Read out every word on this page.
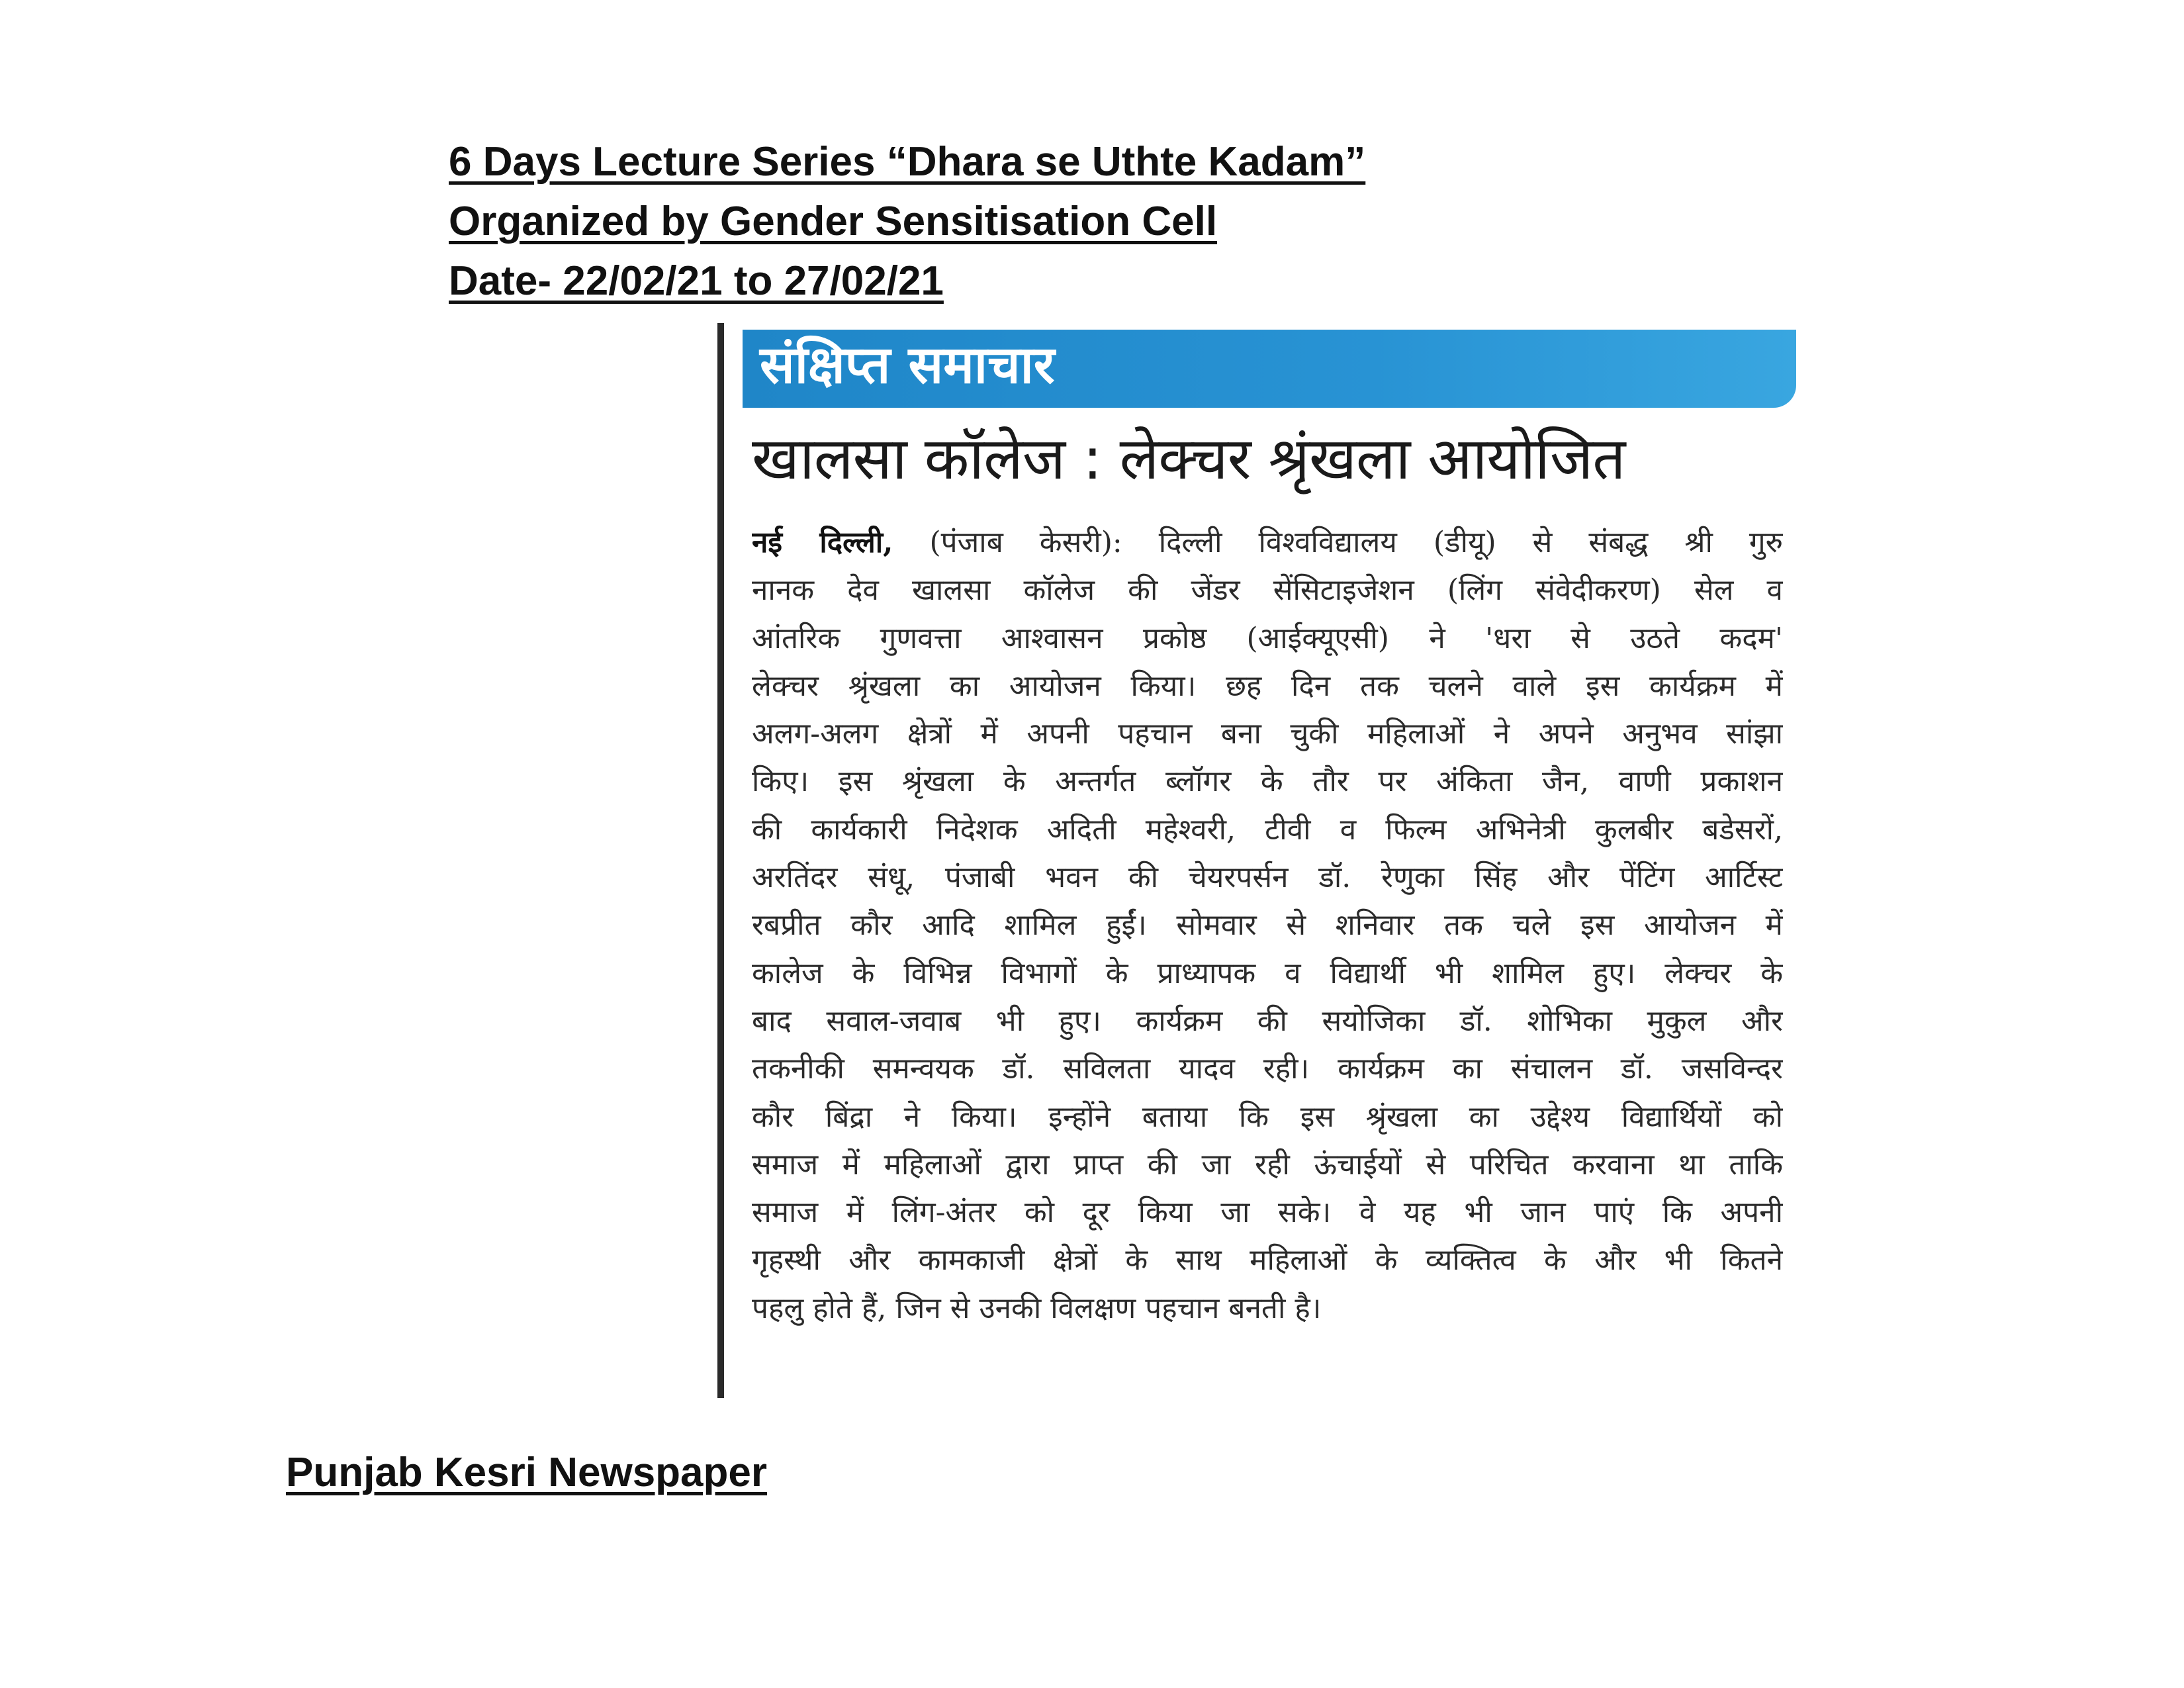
6 Days Lecture Series “Dhara se Uthte Kadam”
Organized by Gender Sensitisation Cell
Date- 22/02/21 to 27/02/21
संक्षिप्त समाचार
खालसा कॉलेज : लेक्चर श्रृंखला आयोजित
नई दिल्ली, (पंजाब केसरी): दिल्ली विश्वविद्यालय (डीयू) से संबद्ध श्री गुरु
नानक देव खालसा कॉलेज की जेंडर सेंसिटाइजेशन (लिंग संवेदीकरण) सेल व
आंतरिक गुणवत्ता आश्वासन प्रकोष्ठ (आईक्यूएसी) ने 'धरा से उठते कदम'
लेक्चर श्रृंखला का आयोजन किया। छह दिन तक चलने वाले इस कार्यक्रम में
अलग-अलग क्षेत्रों में अपनी पहचान बना चुकी महिलाओं ने अपने अनुभव सांझा
किए। इस श्रृंखला के अन्तर्गत ब्लॉगर के तौर पर अंकिता जैन, वाणी प्रकाशन
की कार्यकारी निदेशक अदिती महेश्वरी, टीवी व फिल्म अभिनेत्री कुलबीर बडेसरों,
अरतिंदर संधू, पंजाबी भवन की चेयरपर्सन डॉ. रेणुका सिंह और पेंटिंग आर्टिस्ट
रबप्रीत कौर आदि शामिल हुईं। सोमवार से शनिवार तक चले इस आयोजन में
कालेज के विभिन्न विभागों के प्राध्यापक व विद्यार्थी भी शामिल हुए। लेक्चर के
बाद सवाल-जवाब भी हुए। कार्यक्रम की सयोजिका डॉ. शोभिका मुकुल और
तकनीकी समन्वयक डॉ. सविलता यादव रही। कार्यक्रम का संचालन डॉ. जसविन्दर
कौर बिंद्रा ने किया। इन्होंने बताया कि इस श्रृंखला का उद्देश्य विद्यार्थियों को
समाज में महिलाओं द्वारा प्राप्त की जा रही ऊंचाईयों से परिचित करवाना था ताकि
समाज में लिंग-अंतर को दूर किया जा सके। वे यह भी जान पाएं कि अपनी
गृहस्थी और कामकाजी क्षेत्रों के साथ महिलाओं के व्यक्तित्व के और भी कितने
पहलु होते हैं, जिन से उनकी विलक्षण पहचान बनती है।
Punjab Kesri Newspaper
